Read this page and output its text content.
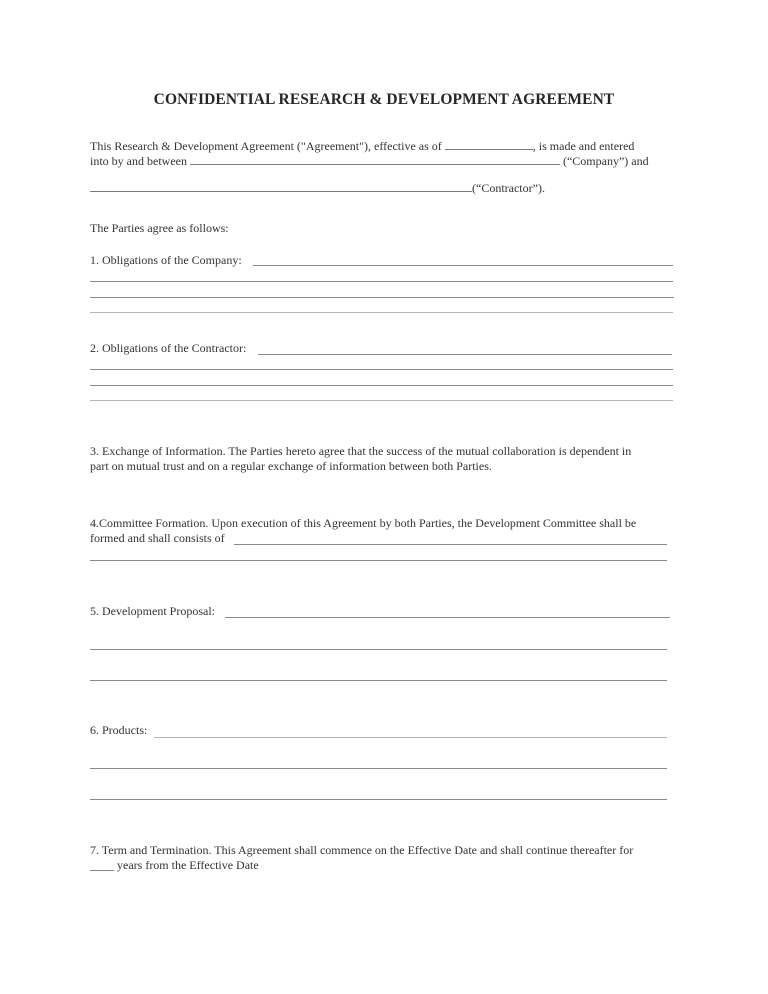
CONFIDENTIAL RESEARCH & DEVELOPMENT AGREEMENT
This Research & Development Agreement ("Agreement"), effective as of	, is made and entered
into by and between	(“Company”) and
(“Contractor”).
The Parties agree as follows:
1. Obligations of the Company:
2. Obligations of the Contractor:
3. Exchange of Information. The Parties hereto agree that the success of the mutual collaboration is dependent in
part on mutual trust and on a regular exchange of information between both Parties.
4.Committee Formation. Upon execution of this Agreement by both Parties, the Development Committee shall be
formed and shall consists of
5. Development Proposal:
6. Products:
7. Term and Termination. This Agreement shall commence on the Effective Date and shall continue thereafter for
____ years from the Effective Date
